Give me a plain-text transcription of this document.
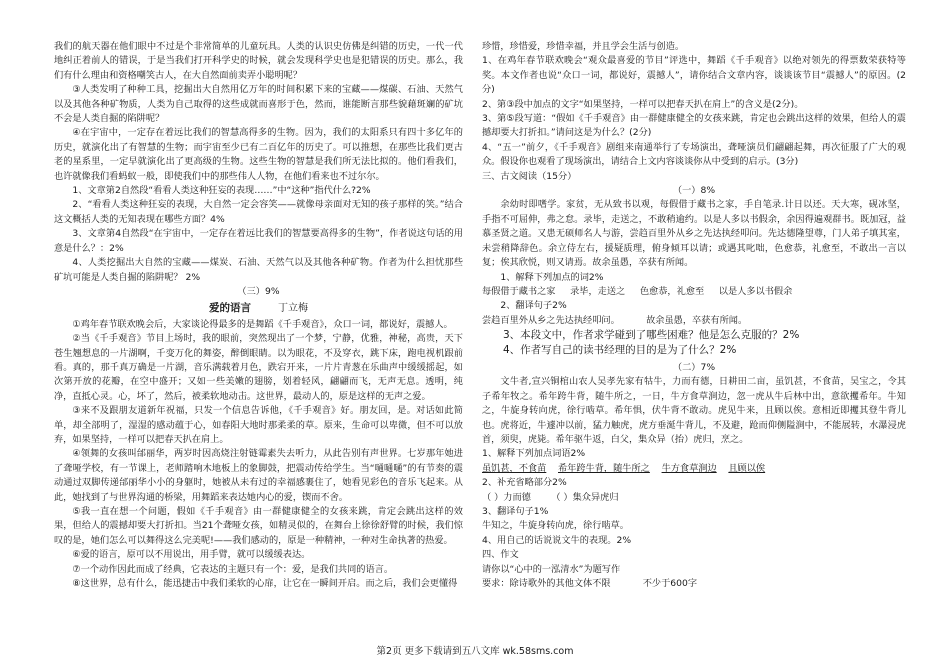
我们的航天器在他们眼中不过是个非常简单的儿童玩具。人类的认识史仿佛是纠错的历史，一代一代地纠正着前人的错误，于是当我们打开科学史的时候，就会发现科学史也是犯错误的历史。那么，我们有什么理由和资格嘲笑古人，在大自然面前卖弄小聪明呢？

③人类发明了种种工具，挖掘出大自然用亿万年的时间积累下来的宝藏——煤碳、石油、天然气以及其他各种矿物质，人类为自己取得的这些成就而喜形于色，然而，谁能断言那些貌藉斑斓的矿坑不会是人类自掘的陷阱呢？

④在宇宙中，一定存在着远比我们的智慧高得多的生物。因为，我们的太阳系只有四十多亿年的历史，就演化出了有智慧的生物；而宇宙至少已有二百亿年的历史了。可以推想，在那些比我们更古老的星系里，一定早就演化出了更高级的生物。这些生物的智慧是我们所无法比拟的。他们看我们，也许就像我们看蚂蚁一般，即使我们中的那些伟人人物，在他们看来也不过尔尔。

1、文章第2自然段“看看人类这种狂妄的表现……”中“这种”指代什么?2%

2、“看看人类这种狂妄的表现，大自然一定会容笑——就像母亲面对无知的孩子那样的笑。”结合这文概括人类的无知表现在哪些方面？4%

3、文章第4自然段“在宇宙中，一定存在着远比我们的智慧要高得多的生物”，作者说这句话的用意是什么？：2%

4、人类挖掘出大自然的宝藏——煤炭、石油、天然气以及其他各种矿物。作者为什么担忧那些矿坑可能是人类自掘的陷阱呢？ 2%

（三）9%

爱的语言	丁立梅

①鸡年春节联欢晚会后，大家谈论得最多的是舞蹈《千手观音》，众口一词，都说好，震撼人。

②当《千手观音》节目上场时，我的眼前，突然现出了一个梦，宁静，优雅，神秘，高贵，天下苍生翘想息的一片湖啊，千变万化的舞姿，醉倒眼睛。以为眼花，不及穿衣，跳下床，跑电视机跟前看。真的，那千真万确是一片湖，音乐满载着月色，跌宕开来，一片片青葱在乐曲声中缓缓摇起，如次第开放的花瓣，在空中盛开；又如一些美嫩的翅膀，划着轻风，翩翩而飞，无声无息。透明，纯净，直抵心灵。心，坏了，然后，被柔软地动击。这世界，最动人的，原是这样的无声之爱。

③来不及跟朋友道新年祝福，只发一个信息告诉他，《千手观音》好。朋友回，是。对话如此简单，却全部明了，湿湿的感动蕴于心，如春阳大地时那柔柔的草。原来，生命可以卑微，但不可以放弃，如果坚持，一样可以把春天扒在肩上。

④领舞的女孩叫邰丽华，两岁时因高烧注射链霉素失去听力，从此告别有声世界。七岁那年她进了聋哑学校，有一节课上，老师踏响木地板上的象脚鼓，把震动传给学生。当“嗵嗵嗵”的有节奏的震动通过双脚传递邰丽华小小的身躯时，她被从未有过的幸福感裹住了，她看见彩色的音乐飞起来。从此，她找到了与世界沟通的桥梁，用舞蹈来表达她内心的爱，锲而不舍。

⑤我一直在想一个问题，假如《千手观音》由一群健康健全的女孩来跳，肯定会跳出这样的效果，但给人的震撼却要大打折扣。当21个聋哑女孩，如精灵似的，在舞台上徐徐舒臂的时候，我们惊叹的是，她们怎么可以舞得这么完美呢!——我们感动的，原是一种精神，一种对生命执著的热爱。

⑥爱的语言，原可以不用说出，用手臂，就可以缓缓表达。

⑦一个动作因此而成了经典，它表达的主题只有一个：爱，是我们共同的语言。

⑧这世界，总有什么，能迅捷击中我们柔软的心扉，让它在一瞬间开启。而之后，我们会更懂得

珍惜，珍惜爱，珍惜幸福，并且学会生活与创造。

1、在鸡年春节联欢晚会“观众最喜爱的节目”评选中，舞蹈《千手观音》以绝对领先的得票数荣获特等奖。本文作者也说“众口一词，都说好，震撼人”，请你结合文章内容，谈谈该节目“震撼人”的原因。(2分)

2、第③段中加点的文字“如果坚持，一样可以把春天扒在肩上”的含义是(2分)。

3、第⑤段写道：“假如《千手观音》由一群健康健全的女孩来跳，肯定也会跳出这样的效果，但给人的震撼却要大打折扣。”请问这是为什么？(2分)

4、“五一”前夕，《千手观音》剧组来南通举行了专场演出，聋哑演员们翩翩起舞，再次征服了广大的观众。假设你也观看了现场演出，请结合上文内容谈谈你从中受到的启示。(3分)

三、古文阅读（15分）

（一）8%

余幼时即嗜学。家贫，无从致书以观，每假借于藏书之家，手自笔录.计日以还。天大寒，砚冰坚，手指不可屈伸，弗之怠。录毕，走送之，不敢稍逾约。以是人多以书假余，余因得遍观群书。既加冠，益慕圣贤之道。又患无硕师名人与游，尝趋百里外从乡之先达执经叩问。先达德隆望尊，门人弟子填其室，未尝稍降辞色。余立侍左右，援疑质理，俯身倾耳以请；或遇其叱咄，色愈恭，礼愈至，不敢出一言以复；俟其欣悦，则又请焉。故余虽愚，卒获有所闻。

1、解释下列加点的词2%

每假借于藏书之家 录毕，走送之 色愈恭，礼愈至 以是人多以书假余

2、翻译句子2%

尝趋百里外从乡之先达执经叩问。	故余虽愚，卒获有所闻。

3、本段文中，作者求学碰到了哪些困难？他是怎么克服的？2%

4、作者写自己的读书经理的目的是为了什么？2%

（二）7%

文牛者,宣兴铜棺山农人吴孝先家有牯牛，力而有德，日耕田二亩，虽饥甚，不食苗，吴宝之，令其子希年牧之。希年跨牛背，随牛所之，一日，牛方食草涧边，忽一虎从牛后林中出，意欲攫希年。牛知之，牛旋身转向虎，徐行啮草。希年惧，伏牛背不敢动。虎见牛来，且顾以俟。意相近即攫其登牛背儿也。虎将近，牛遽冲以前，猛力触虎，虎方垂涎牛背儿，不及避，跄而仰侧隘涧中，不能展转，水瀑浸虎首，须臾，虎毙。希年驱牛返，白父，集众异（抬）虎归，烹之。

1、解释下列加点词语2%

虽饥甚，不食苗 希年跨牛背，随牛所之 牛方食草涧边 且顾以俟

2、补充省略部分2%

（ ）力而德 （ ）集众异虎归

3、翻译句子1%

牛知之，牛旋身转向虎，徐行啮草。

4、用自己的话说说文牛的表现。2%

四、作文

请你以“心中的一泓清水”为题写作

要求：除诗歌外的其他文体不限	不少于600字

第2页 更多下载请到五八文库 wk.58sms.com
